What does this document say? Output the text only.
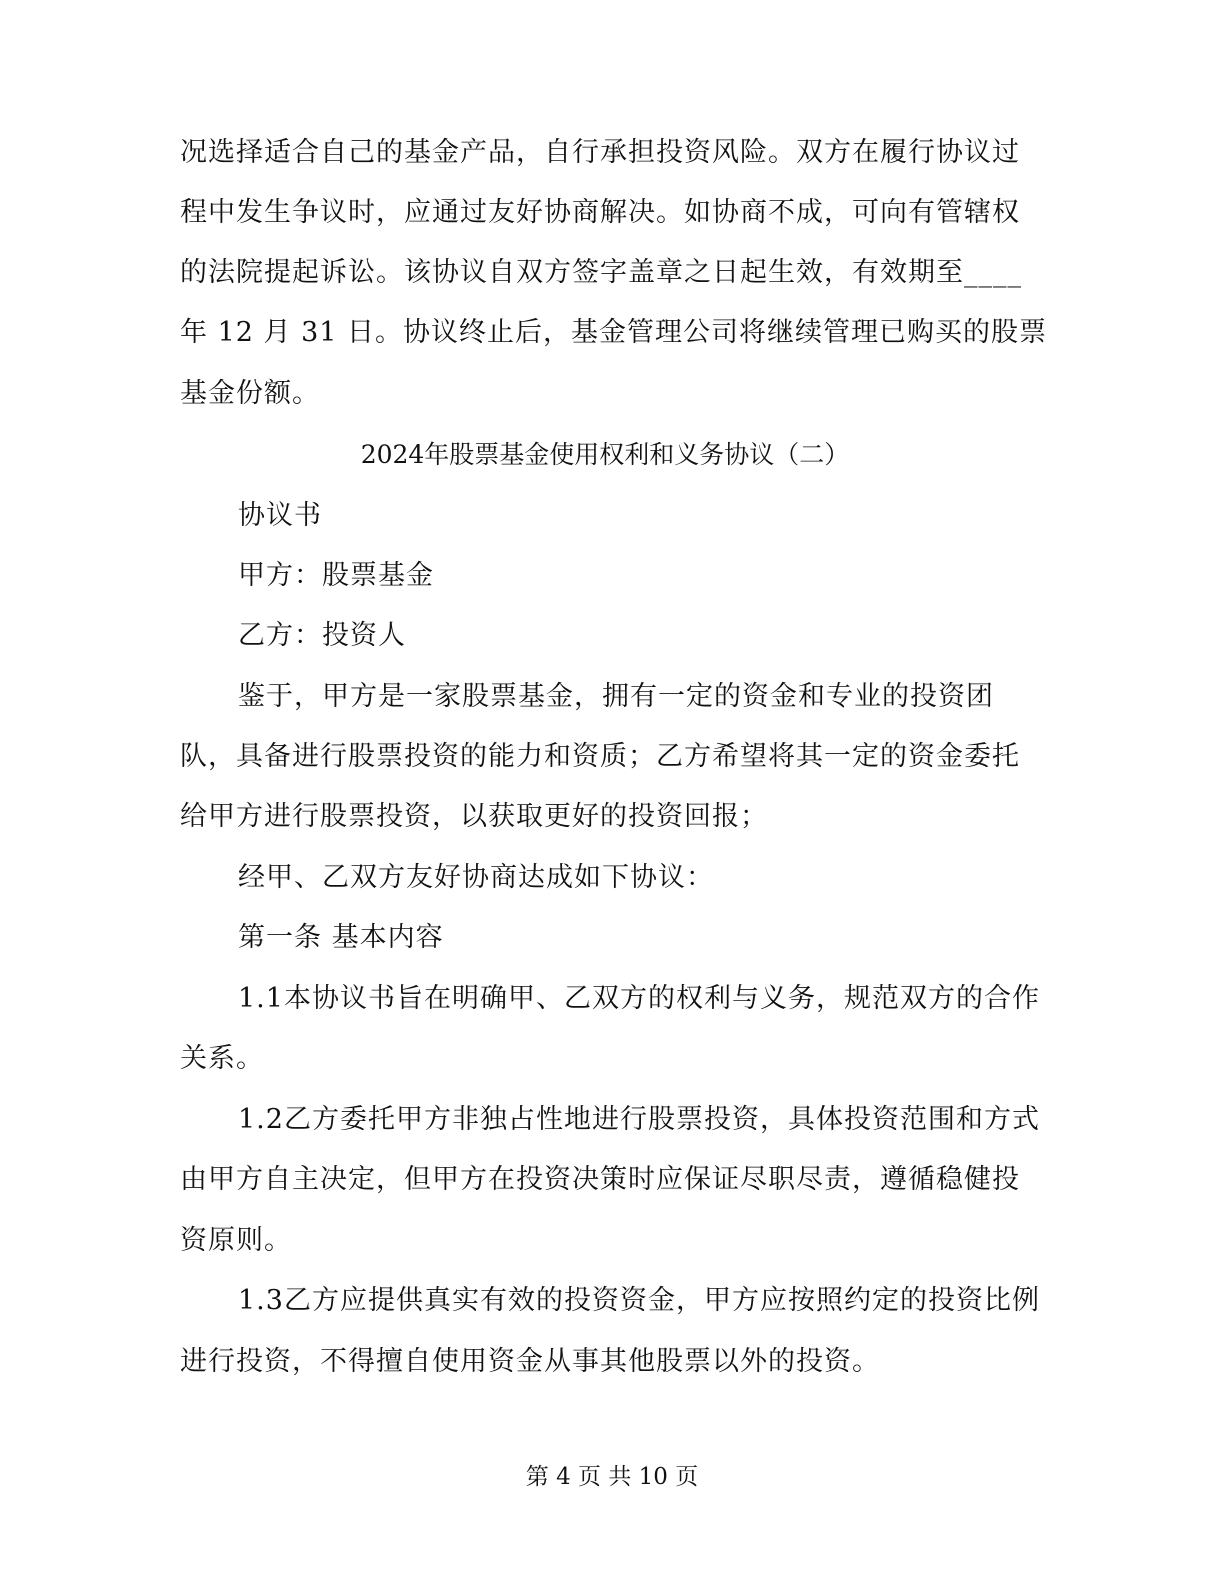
况选择适合自己的基金产品，自行承担投资风险。双方在履行协议过
程中发生争议时，应通过友好协商解决。如协商不成，可向有管辖权
的法院提起诉讼。该协议自双方签字盖章之日起生效，有效期至____
年 12 月 31 日。协议终止后，基金管理公司将继续管理已购买的股票
基金份额。
2024年股票基金使用权利和义务协议（二）
协议书
甲方：股票基金
乙方：投资人
鉴于，甲方是一家股票基金，拥有一定的资金和专业的投资团
队，具备进行股票投资的能力和资质；乙方希望将其一定的资金委托
给甲方进行股票投资，以获取更好的投资回报；
经甲、乙双方友好协商达成如下协议：
第一条 基本内容
1.1本协议书旨在明确甲、乙双方的权利与义务，规范双方的合作
关系。
1.2乙方委托甲方非独占性地进行股票投资，具体投资范围和方式
由甲方自主决定，但甲方在投资决策时应保证尽职尽责，遵循稳健投
资原则。
1.3乙方应提供真实有效的投资资金，甲方应按照约定的投资比例
进行投资，不得擅自使用资金从事其他股票以外的投资。
第 4 页 共 10 页
